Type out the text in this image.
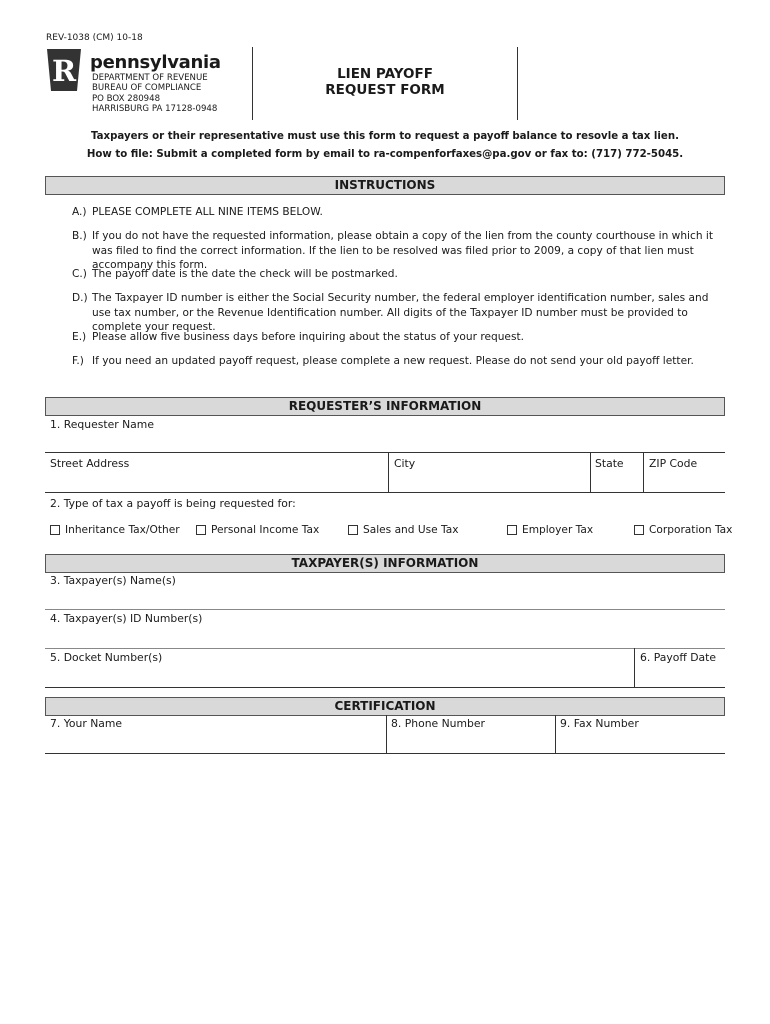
REV-1038 (CM) 10-18
R pennsylvania
DEPARTMENT OF REVENUE
BUREAU OF COMPLIANCE
PO BOX 280948
HARRISBURG PA 17128-0948
LIEN PAYOFF
REQUEST FORM
Taxpayers or their representative must use this form to request a payoff balance to resovle a tax lien.
How to file: Submit a completed form by email to ra-compenforfaxes@pa.gov or fax to: (717) 772-5045.
INSTRUCTIONS
A.) PLEASE COMPLETE ALL NINE ITEMS BELOW.
B.) If you do not have the requested information, please obtain a copy of the lien from the county courthouse in which it was filed to find the correct information. If the lien to be resolved was filed prior to 2009, a copy of that lien must accompany this form.
C.) The payoff date is the date the check will be postmarked.
D.) The Taxpayer ID number is either the Social Security number, the federal employer identification number, sales and use tax number, or the Revenue Identification number. All digits of the Taxpayer ID number must be provided to complete your request.
E.) Please allow five business days before inquiring about the status of your request.
F.) If you need an updated payoff request, please complete a new request. Please do not send your old payoff letter.
REQUESTER’S INFORMATION
1. Requester Name
Street Address	City	State ZIP Code
2. Type of tax a payoff is being requested for:
Inheritance Tax/Other	Personal Income Tax	Sales and Use Tax	Employer Tax	Corporation Tax
TAXPAYER(S) INFORMATION
3. Taxpayer(s) Name(s)
4. Taxpayer(s) ID Number(s)
5. Docket Number(s)	6. Payoff Date
CERTIFICATION
7. Your Name	8. Phone Number	9. Fax Number
